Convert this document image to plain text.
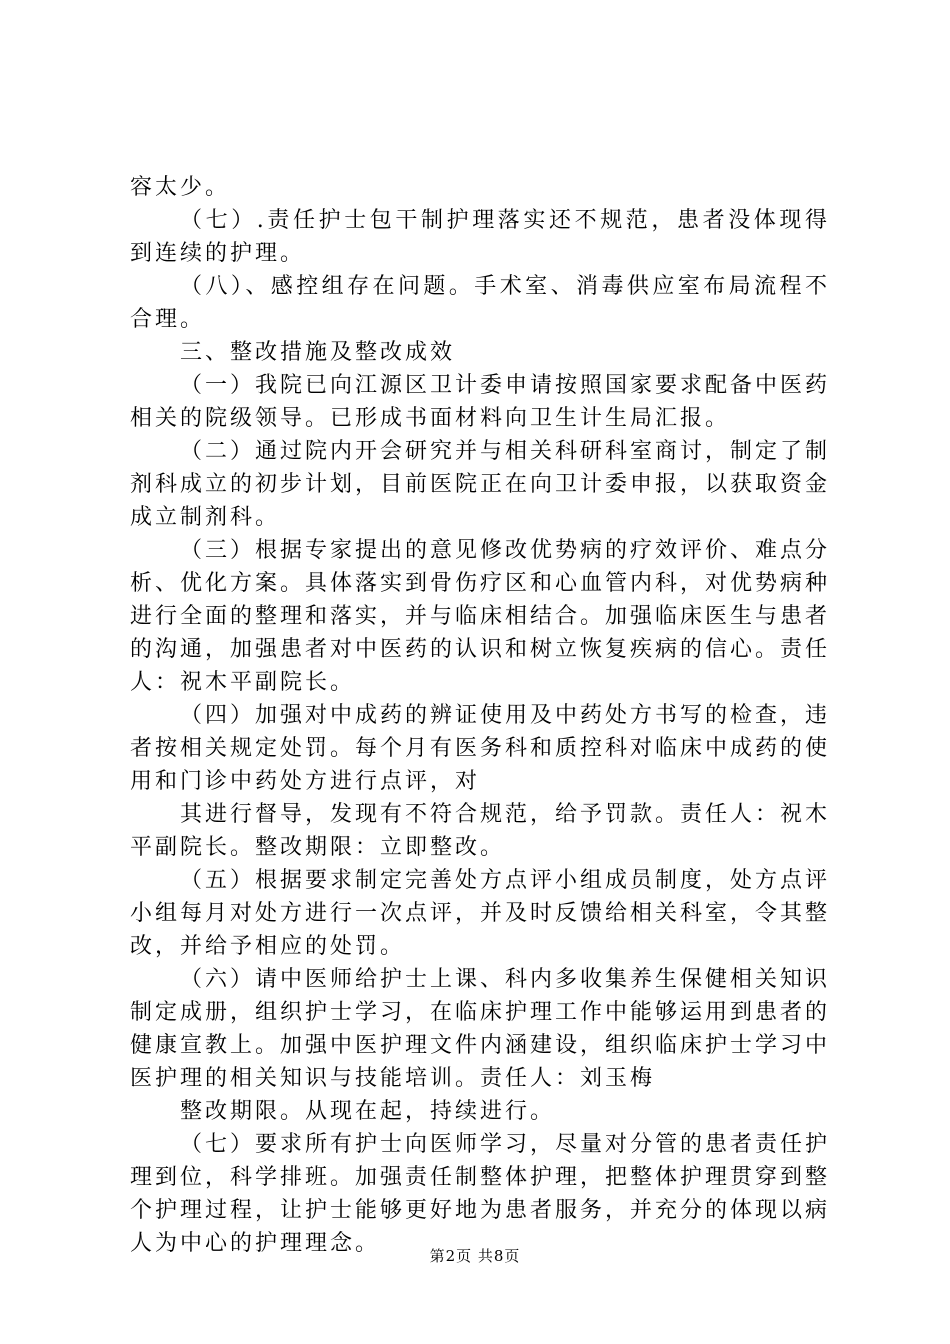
容太少。

（七）.责任护士包干制护理落实还不规范，患者没体现得到连续的护理。

（八）、感控组存在问题。手术室、消毒供应室布局流程不合理。

三、整改措施及整改成效

（一）我院已向江源区卫计委申请按照国家要求配备中医药相关的院级领导。已形成书面材料向卫生计生局汇报。

（二）通过院内开会研究并与相关科研科室商讨，制定了制剂科成立的初步计划，目前医院正在向卫计委申报，以获取资金成立制剂科。

（三）根据专家提出的意见修改优势病的疗效评价、难点分析、优化方案。具体落实到骨伤疗区和心血管内科，对优势病种进行全面的整理和落实，并与临床相结合。加强临床医生与患者的沟通，加强患者对中医药的认识和树立恢复疾病的信心。责任人：祝木平副院长。

（四）加强对中成药的辨证使用及中药处方书写的检查，违者按相关规定处罚。每个月有医务科和质控科对临床中成药的使用和门诊中药处方进行点评，对

其进行督导，发现有不符合规范，给予罚款。责任人：祝木平副院长。整改期限：立即整改。

（五）根据要求制定完善处方点评小组成员制度，处方点评小组每月对处方进行一次点评，并及时反馈给相关科室，令其整改，并给予相应的处罚。

（六）请中医师给护士上课、科内多收集养生保健相关知识制定成册，组织护士学习，在临床护理工作中能够运用到患者的健康宣教上。加强中医护理文件内涵建设，组织临床护士学习中医护理的相关知识与技能培训。责任人：刘玉梅

整改期限。从现在起，持续进行。

（七）要求所有护士向医师学习，尽量对分管的患者责任护理到位，科学排班。加强责任制整体护理，把整体护理贯穿到整个护理过程，让护士能够更好地为患者服务，并充分的体现以病人为中心的护理理念。	第2页 共8页
